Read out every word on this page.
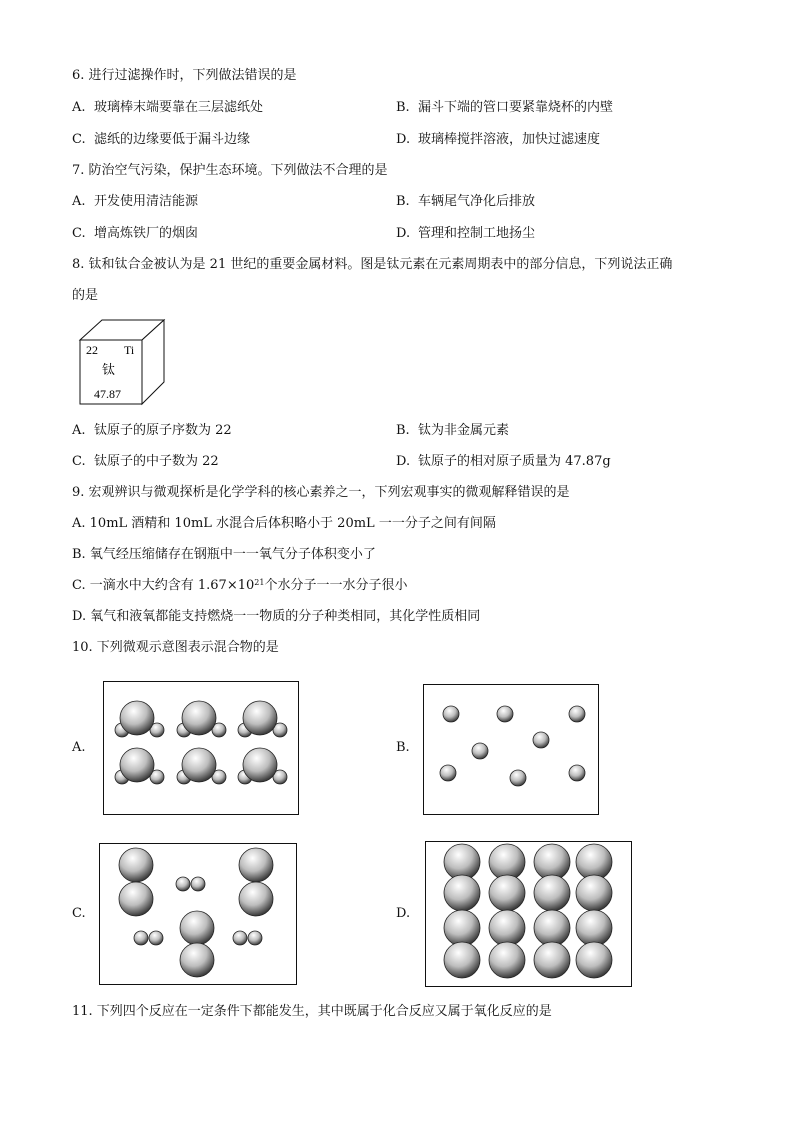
6. 进行过滤操作时，下列做法错误的是
A. 玻璃棒末端要靠在三层滤纸处	B. 漏斗下端的管口要紧靠烧杯的内壁
C. 滤纸的边缘要低于漏斗边缘	D. 玻璃棒搅拌溶液，加快过滤速度
7. 防治空气污染，保护生态环境。下列做法不合理的是
A. 开发使用清洁能源	B. 车辆尾气净化后排放
C. 增高炼铁厂的烟囱	D. 管理和控制工地扬尘
8. 钛和钛合金被认为是 21 世纪的重要金属材料。图是钛元素在元素周期表中的部分信息，下列说法正确
的是
22 Ti
钛
47.87
A. 钛原子的原子序数为 22	B. 钛为非金属元素
C. 钛原子的中子数为 22	D. 钛原子的相对原子质量为 47.87g
9. 宏观辨识与微观探析是化学学科的核心素养之一，下列宏观事实的微观解释错误的是
A. 10mL 酒精和 10mL 水混合后体积略小于 20mL 一一分子之间有间隔
B. 氧气经压缩储存在钢瓶中一一氧气分子体积变小了
C. 一滴水中大约含有 $1.67\times 10^{21}$个水分子一一水分子很小
D. 氧气和液氧都能支持燃烧一一物质的分子种类相同，其化学性质相同
10. 下列微观示意图表示混合物的是
A.	B.
C.	D.
11. 下列四个反应在一定条件下都能发生，其中既属于化合反应又属于氧化反应的是
